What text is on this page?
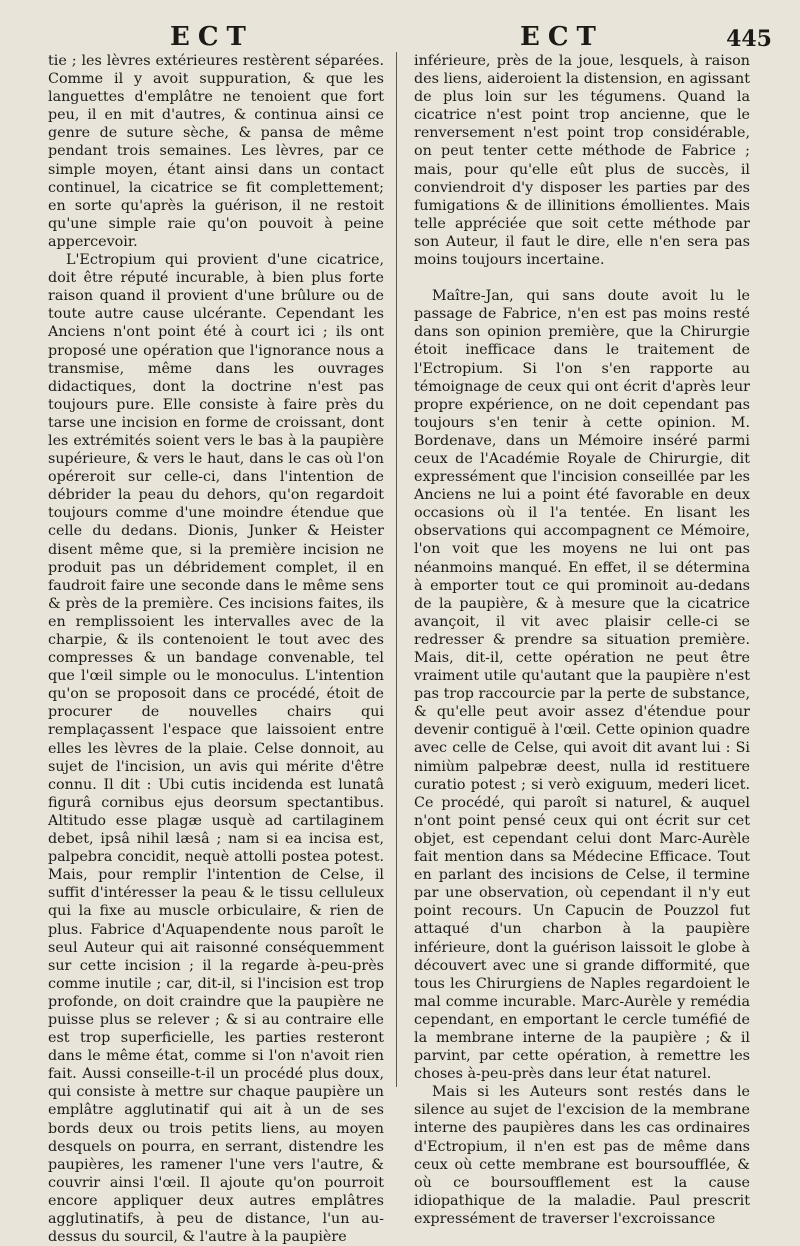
ECT	ECT	445

tie ; les lèvres extérieures restèrent séparées. Comme il y avoit suppuration, & que les languettes d'emplâtre ne tenoient que fort peu, il en mit d'autres, & continua ainsi ce genre de suture sèche, & pansa de même pendant trois semaines. Les lèvres, par ce simple moyen, étant ainsi dans un contact continuel, la cicatrice se fit complettement; en sorte qu'après la guérison, il ne restoit qu'une simple raie qu'on pouvoit à peine appercevoir.

L'Ectropium qui provient d'une cicatrice, doit être réputé incurable, à bien plus forte raison quand il provient d'une brûlure ou de toute autre cause ulcérante. Cependant les Anciens n'ont point été à court ici ; ils ont proposé une opération que l'ignorance nous a transmise, même dans les ouvrages didactiques, dont la doctrine n'est pas toujours pure. Elle consiste à faire près du tarse une incision en forme de croissant, dont les extrémités soient vers le bas à la paupière supérieure, & vers le haut, dans le cas où l'on opéreroit sur celle-ci, dans l'intention de débrider la peau du dehors, qu'on regardoit toujours comme d'une moindre étendue que celle du dedans. Dionis, Junker & Heister disent même que, si la première incision ne produit pas un débridement complet, il en faudroit faire une seconde dans le même sens & près de la première. Ces incisions faites, ils en remplissoient les intervalles avec de la charpie, & ils contenoient le tout avec des compresses & un bandage convenable, tel que l'œil simple ou le monoculus. L'intention qu'on se proposoit dans ce procédé, étoit de procurer de nouvelles chairs qui remplaçassent l'espace que laissoient entre elles les lèvres de la plaie. Celse donnoit, au sujet de l'incision, un avis qui mérite d'être connu. Il dit : Ubi cutis incidenda est lunatâ figurâ cornibus ejus deorsum spectantibus. Altitudo esse plagæ usquè ad cartilaginem debet, ipsâ nihil læsâ ; nam si ea incisa est, palpebra concidit, nequè attolli postea potest. Mais, pour remplir l'intention de Celse, il suffit d'intéresser la peau & le tissu celluleux qui la fixe au muscle orbiculaire, & rien de plus. Fabrice d'Aquapendente nous paroît le seul Auteur qui ait raisonné conséquemment sur cette incision ; il la regarde à-peu-près comme inutile ; car, dit-il, si l'incision est trop profonde, on doit craindre que la paupière ne puisse plus se relever ; & si au contraire elle est trop superficielle, les parties resteront dans le même état, comme si l'on n'avoit rien fait. Aussi conseille-t-il un procédé plus doux, qui consiste à mettre sur chaque paupière un emplâtre agglutinatif qui ait à un de ses bords deux ou trois petits liens, au moyen desquels on pourra, en serrant, distendre les paupières, les ramener l'une vers l'autre, & couvrir ainsi l'œil. Il ajoute qu'on pourroit encore appliquer deux autres emplâtres agglutinatifs, à peu de distance, l'un au-dessus du sourcil, & l'autre à la paupière

inférieure, près de la joue, lesquels, à raison des liens, aideroient la distension, en agissant de plus loin sur les tégumens. Quand la cicatrice n'est point trop ancienne, que le renversement n'est point trop considérable, on peut tenter cette méthode de Fabrice ; mais, pour qu'elle eût plus de succès, il conviendroit d'y disposer les parties par des fumigations & de illinitions émollientes. Mais telle appréciée que soit cette méthode par son Auteur, il faut le dire, elle n'en sera pas moins toujours incertaine.

Maître-Jan, qui sans doute avoit lu le passage de Fabrice, n'en est pas moins resté dans son opinion première, que la Chirurgie étoit inefficace dans le traitement de l'Ectropium. Si l'on s'en rapporte au témoignage de ceux qui ont écrit d'après leur propre expérience, on ne doit cependant pas toujours s'en tenir à cette opinion. M. Bordenave, dans un Mémoire inséré parmi ceux de l'Académie Royale de Chirurgie, dit expressément que l'incision conseillée par les Anciens ne lui a point été favorable en deux occasions où il l'a tentée. En lisant les observations qui accompagnent ce Mémoire, l'on voit que les moyens ne lui ont pas néanmoins manqué. En effet, il se détermina à emporter tout ce qui prominoit au-dedans de la paupière, & à mesure que la cicatrice avançoit, il vit avec plaisir celle-ci se redresser & prendre sa situation première. Mais, dit-il, cette opération ne peut être vraiment utile qu'autant que la paupière n'est pas trop raccourcie par la perte de substance, & qu'elle peut avoir assez d'étendue pour devenir contiguë à l'œil. Cette opinion quadre avec celle de Celse, qui avoit dit avant lui : Si nimiùm palpebræ deest, nulla id restituere curatio potest ; si verò exiguum, mederi licet. Ce procédé, qui paroît si naturel, & auquel n'ont point pensé ceux qui ont écrit sur cet objet, est cependant celui dont Marc-Aurèle fait mention dans sa Médecine Efficace. Tout en parlant des incisions de Celse, il termine par une observation, où cependant il n'y eut point recours. Un Capucin de Pouzzol fut attaqué d'un charbon à la paupière inférieure, dont la guérison laissoit le globe à découvert avec une si grande difformité, que tous les Chirurgiens de Naples regardoient le mal comme incurable. Marc-Aurèle y remédia cependant, en emportant le cercle tuméfié de la membrane interne de la paupière ; & il parvint, par cette opération, à remettre les choses à-peu-près dans leur état naturel.

Mais si les Auteurs sont restés dans le silence au sujet de l'excision de la membrane interne des paupières dans les cas ordinaires d'Ectropium, il n'en est pas de même dans ceux où cette membrane est boursoufflée, & où ce boursoufflement est la cause idiopathique de la maladie. Paul prescrit expressément de traverser l'excroissance
